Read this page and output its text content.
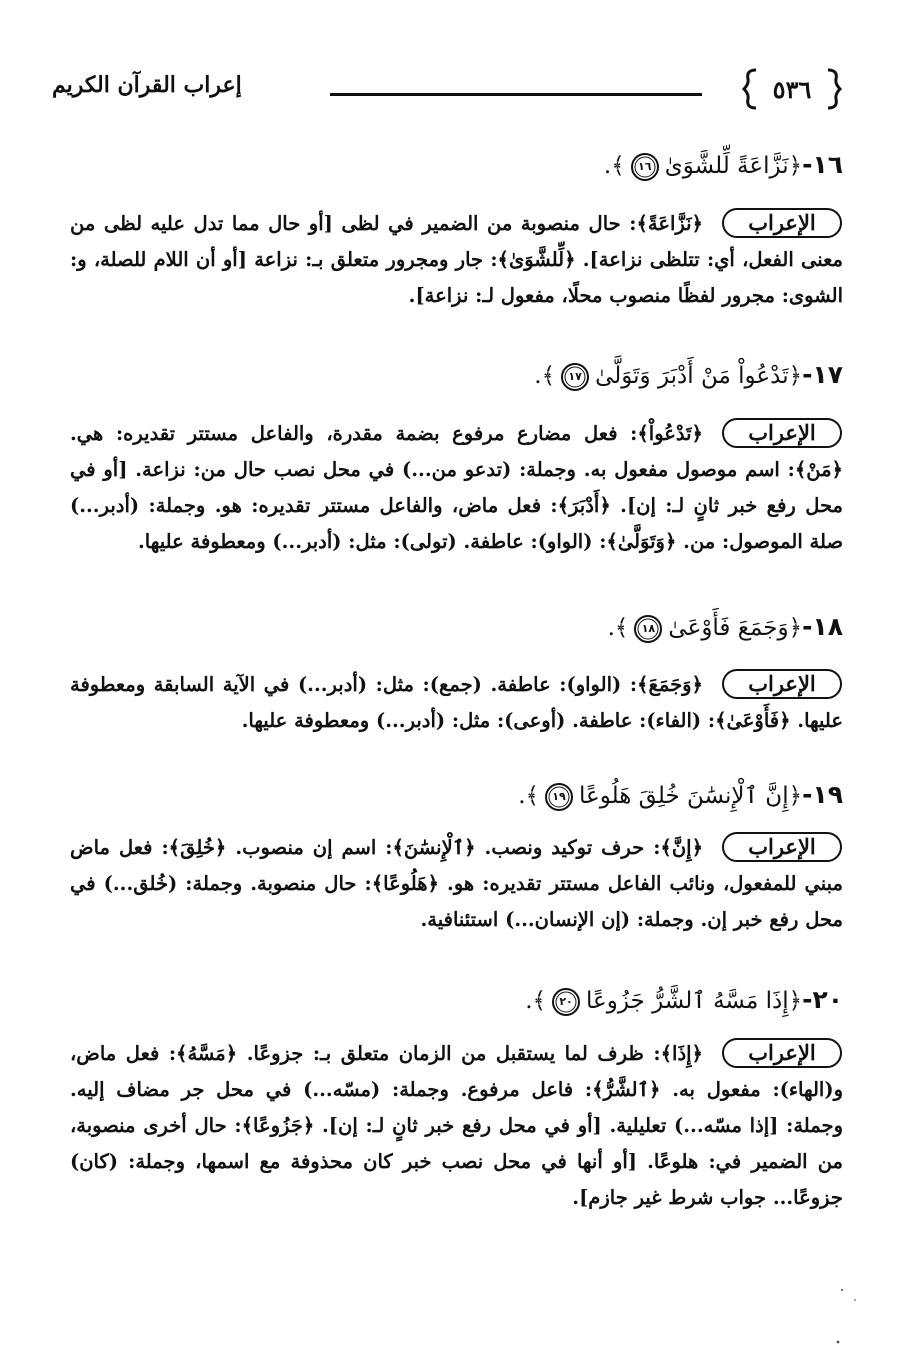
٥٣٦
إعراب القرآن الكريم
١٦-﴿نَزَّاعَةً لِّلشَّوَىٰ
١٦
﴾.
الإعراب
﴿نَزَّاعَةً﴾: حال منصوبة من الضمير في لظى [أو حال مما تدل عليه لظى من معنى الفعل، أي: تتلظى نزاعة]. ﴿لِّلشَّوَىٰ﴾: جار ومجرور متعلق بـ: نزاعة [أو أن اللام للصلة، و: الشوى: مجرور لفظًا منصوب محلًا، مفعول لـ: نزاعة].
١٧-﴿تَدْعُواْ مَنْ أَدْبَرَ وَتَوَلَّىٰ
١٧
﴾.
الإعراب
﴿تَدْعُواْ﴾: فعل مضارع مرفوع بضمة مقدرة، والفاعل مستتر تقديره: هي. ﴿مَنْ﴾: اسم موصول مفعول به. وجملة: (تدعو من...) في محل نصب حال من: نزاعة. [أو في محل رفع خبر ثانٍ لـ: إن]. ﴿أَدْبَرَ﴾: فعل ماض، والفاعل مستتر تقديره: هو. وجملة: (أدبر...) صلة الموصول: من. ﴿وَتَوَلَّىٰ﴾: (الواو): عاطفة. (تولى): مثل: (أدبر...) ومعطوفة عليها.
١٨-﴿وَجَمَعَ فَأَوْعَىٰ
١٨
﴾.
الإعراب
﴿وَجَمَعَ﴾: (الواو): عاطفة. (جمع): مثل: (أدبر...) في الآية السابقة ومعطوفة عليها. ﴿فَأَوْعَىٰ﴾: (الفاء): عاطفة. (أوعى): مثل: (أدبر...) ومعطوفة عليها.
١٩-﴿إِنَّ ٱلْإِنسَٰنَ خُلِقَ هَلُوعًا
١٩
﴾.
الإعراب
﴿إِنَّ﴾: حرف توكيد ونصب. ﴿ٱلْإِنسَٰنَ﴾: اسم إن منصوب. ﴿خُلِقَ﴾: فعل ماض مبني للمفعول، ونائب الفاعل مستتر تقديره: هو. ﴿هَلُوعًا﴾: حال منصوبة. وجملة: (خُلق...) في محل رفع خبر إن. وجملة: (إن الإنسان...) استئنافية.
٢٠-﴿إِذَا مَسَّهُ ٱلشَّرُّ جَزُوعًا
٢٠
﴾.
الإعراب
﴿إِذَا﴾: ظرف لما يستقبل من الزمان متعلق بـ: جزوعًا. ﴿مَسَّهُ﴾: فعل ماض، و(الهاء): مفعول به. ﴿ٱلشَّرُّ﴾: فاعل مرفوع. وجملة: (مسّه...) في محل جر مضاف إليه. وجملة: [إذا مسّه...) تعليلية. [أو في محل رفع خبر ثانٍ لـ: إن]. ﴿جَزُوعًا﴾: حال أخرى منصوبة، من الضمير في: هلوعًا. [أو أنها في محل نصب خبر كان محذوفة مع اسمها، وجملة: (كان) جزوعًا... جواب شرط غير جازم].
